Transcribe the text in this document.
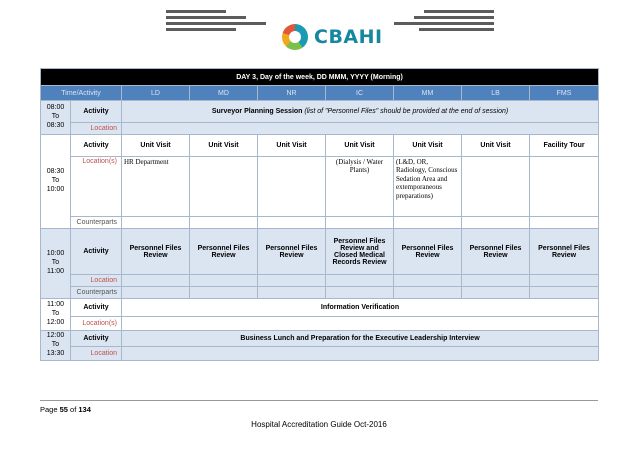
CBAHI
DAY 3, Day of the week, DD MMM, YYYY (Morning)								
Time/Activity		LD	MD	NR	IC	MM	LB	FMS
08:00
To
08:30	Activity	Surveyor Planning Session (list of "Personnel Files" should be provided at the end of session)						
	Location							
08:30
To
10:00	Activity	Unit Visit	Unit Visit	Unit Visit	Unit Visit	Unit Visit	Unit Visit	Facility Tour
	Location(s)	HR Department			(Dialysis / Water Plants)	(L&D, OR, Radiology, Conscious Sedation Area and extemporaneous preparations)		
	Counterparts							
10:00
To
11:00	Activity	Personnel Files Review	Personnel Files Review	Personnel Files Review	Personnel Files Review and Closed Medical Records Review	Personnel Files Review	Personnel Files Review	Personnel Files Review
	Location							
	Counterparts							
11:00
To
12:00	Activity	Information Verification						
	Location(s)							
12:00
To
13:30	Activity	Business Lunch and Preparation for the Executive Leadership Interview						
	Location							
Page 55 of 134
Hospital Accreditation Guide Oct-2016
